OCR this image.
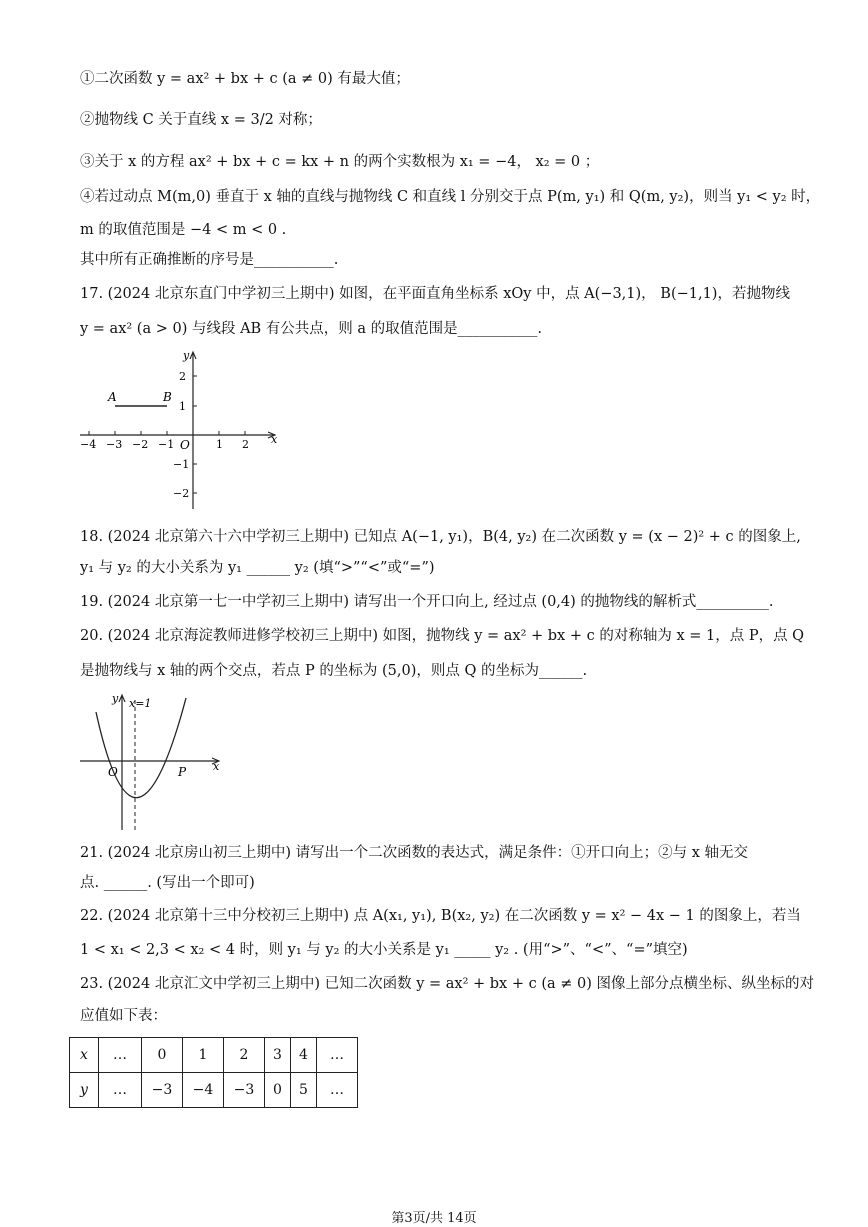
①二次函数 y = ax² + bx + c (a ≠ 0) 有最大值；
②抛物线 C 关于直线 x = 3/2 对称；
③关于 x 的方程 ax² + bx + c = kx + n 的两个实数根为 x₁ = −4， x₂ = 0 ；
④若过动点 M(m,0) 垂直于 x 轴的直线与抛物线 C 和直线 l 分别交于点 P(m, y₁) 和 Q(m, y₂)，则当 y₁ < y₂ 时，
m 的取值范围是 −4 < m < 0 .
其中所有正确推断的序号是___________.
17. (2024 北京东直门中学初三上期中) 如图，在平面直角坐标系 xOy 中，点 A(−3,1)， B(−1,1)，若抛物线
y = ax² (a > 0) 与线段 AB 有公共点，则 a 的取值范围是___________.
A	B
x
y
O
−4 −3 −2 −1	1 2
2
1
−1
−2
18. (2024 北京第六十六中学初三上期中) 已知点 A(−1, y₁)，B(4, y₂) 在二次函数 y = (x − 2)² + c 的图象上,
y₁ 与 y₂ 的大小关系为 y₁ ______ y₂ (填“>”“<”或“=”)
19. (2024 北京第一七一中学初三上期中) 请写出一个开口向上, 经过点 (0,4) 的抛物线的解析式__________.
20. (2024 北京海淀教师进修学校初三上期中) 如图，抛物线 y = ax² + bx + c 的对称轴为 x = 1，点 P，点 Q
是抛物线与 x 轴的两个交点，若点 P 的坐标为 (5,0)，则点 Q 的坐标为______.
y x=1
O	P x
21. (2024 北京房山初三上期中) 请写出一个二次函数的表达式，满足条件：①开口向上；②与 x 轴无交
点. ______. (写出一个即可)
22. (2024 北京第十三中分校初三上期中) 点 A(x₁, y₁), B(x₂, y₂) 在二次函数 y = x² − 4x − 1 的图象上，若当
1 < x₁ < 2,3 < x₂ < 4 时，则 y₁ 与 y₂ 的大小关系是 y₁ _____ y₂ . (用“>”、“<”、“=”填空)
23. (2024 北京汇文中学初三上期中) 已知二次函数 y = ax² + bx + c (a ≠ 0) 图像上部分点横坐标、纵坐标的对
应值如下表：
x	…	0	1	2	3	4	…
y	…	−3	−4	−3	0	5	…
第3页/共 14页
